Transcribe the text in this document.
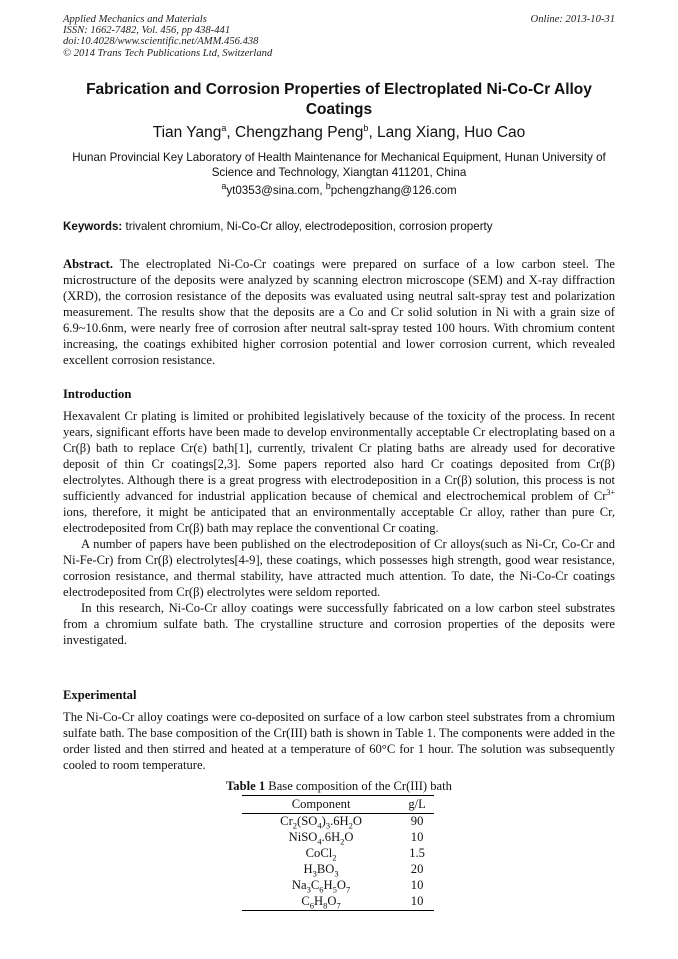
Applied Mechanics and Materials
ISSN: 1662-7482, Vol. 456, pp 438-441
doi:10.4028/www.scientific.net/AMM.456.438
© 2014 Trans Tech Publications Ltd, Switzerland
Online: 2013-10-31
Fabrication and Corrosion Properties of Electroplated Ni-Co-Cr Alloy Coatings
Tian Yang$^a$, Chengzhang Peng$^b$, Lang Xiang, Huo Cao
Hunan Provincial Key Laboratory of Health Maintenance for Mechanical Equipment, Hunan University of Science and Technology, Xiangtan 411201, China
$^a$yt0353@sina.com, $^b$pchengzhang@126.com
Keywords: trivalent chromium, Ni-Co-Cr alloy, electrodeposition, corrosion property
Abstract. The electroplated Ni-Co-Cr coatings were prepared on surface of a low carbon steel. The microstructure of the deposits were analyzed by scanning electron microscope (SEM) and X-ray diffraction (XRD), the corrosion resistance of the deposits was evaluated using neutral salt-spray test and polarization measurement. The results show that the deposits are a Co and Cr solid solution in Ni with a grain size of 6.9~10.6nm, were nearly free of corrosion after neutral salt-spray tested 100 hours. With chromium content increasing, the coatings exhibited higher corrosion potential and lower corrosion current, which revealed excellent corrosion resistance.
Introduction

Hexavalent Cr plating is limited or prohibited legislatively because of the toxicity of the process. In recent years, significant efforts have been made to develop environmentally acceptable Cr electroplating based on a Cr(β) bath to replace Cr(ε) bath[1], currently, trivalent Cr plating baths are already used for decorative deposit of thin Cr coatings[2,3]. Some papers reported also hard Cr coatings deposited from Cr(β) electrolytes. Although there is a great progress with electrodeposition in a Cr(β) solution, this process is not sufficiently advanced for industrial application because of chemical and electrochemical problem of $Cr^{3+}$ ions, therefore, it might be anticipated that an environmentally acceptable Cr alloy, rather than pure Cr, electrodeposited from Cr(β) bath may replace the conventional Cr coating.

A number of papers have been published on the electrodeposition of Cr alloys(such as Ni-Cr, Co-Cr and Ni-Fe-Cr) from Cr(β) electrolytes[4-9], these coatings, which possesses high strength, good wear resistance, corrosion resistance, and thermal stability, have attracted much attention. To date, the Ni-Co-Cr coatings electrodeposited from Cr(β) electrolytes were seldom reported.

In this research, Ni-Co-Cr alloy coatings were successfully fabricated on a low carbon steel substrates from a chromium sulfate bath. The crystalline structure and corrosion properties of the deposits were investigated.

Experimental

The Ni-Co-Cr alloy coatings were co-deposited on surface of a low carbon steel substrates from a chromium sulfate bath. The base composition of the Cr(III) bath is shown in Table 1. The components were added in the order listed and then stirred and heated at a temperature of 60°C for 1 hour. The solution was subsequently cooled to room temperature.

Table 1 Base composition of the Cr(III) bath
Component	g/L
$Cr_2(SO_4)_3.6H_2O$	90
$NiSO_4.6H_2O$	10
CoCl$_2$	1.5
$H_3BO_3$	20
$Na_3C_6H_5O_7$	10
$C_6H_8O_7$	10
